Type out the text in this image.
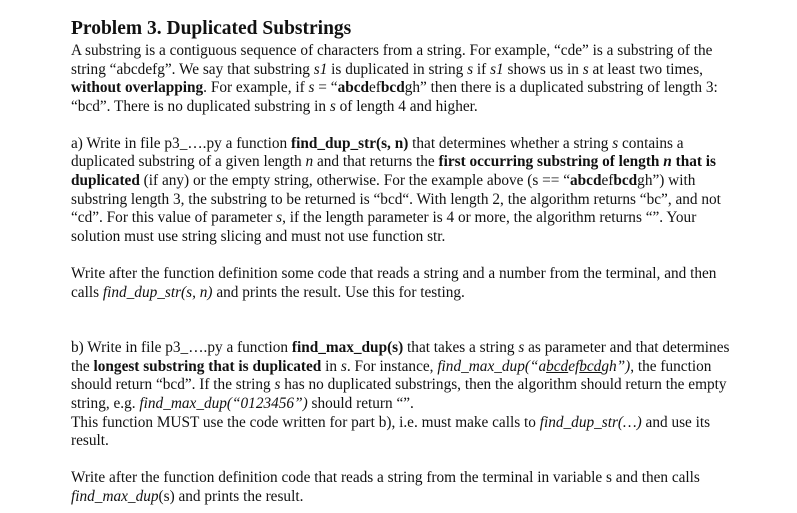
Problem 3. Duplicated Substrings

A substring is a contiguous sequence of characters from a string. For example, “cde” is a substring of the string “abcdefg”. We say that substring s1 is duplicated in string s if s1 shows us in s at least two times, without overlapping. For example, if s = “abcdefbcdgh” then there is a duplicated substring of length 3: “bcd”. There is no duplicated substring in s of length 4 and higher.

a) Write in file p3_….py a function find_dup_str(s, n) that determines whether a string s contains a duplicated substring of a given length n and that returns the first occurring substring of length n that is duplicated (if any) or the empty string, otherwise. For the example above (s == “abcdefbcdgh”) with substring length 3, the substring to be returned is “bcd“. With length 2, the algorithm returns “bc”, and not “cd”. For this value of parameter s, if the length parameter is 4 or more, the algorithm returns “”. Your solution must use string slicing and must not use function str.

Write after the function definition some code that reads a string and a number from the terminal, and then calls find_dup_str(s, n) and prints the result. Use this for testing.

b) Write in file p3_….py a function find_max_dup(s) that takes a string s as parameter and that determines the longest substring that is duplicated in s. For instance, find_max_dup(“abcdefbcdgh”), the function should return “bcd”. If the string s has no duplicated substrings, then the algorithm should return the empty string, e.g. find_max_dup(“0123456”) should return “”.
This function MUST use the code written for part b), i.e. must make calls to find_dup_str(…) and use its result.

Write after the function definition code that reads a string from the terminal in variable s and then calls find_max_dup(s) and prints the result.
